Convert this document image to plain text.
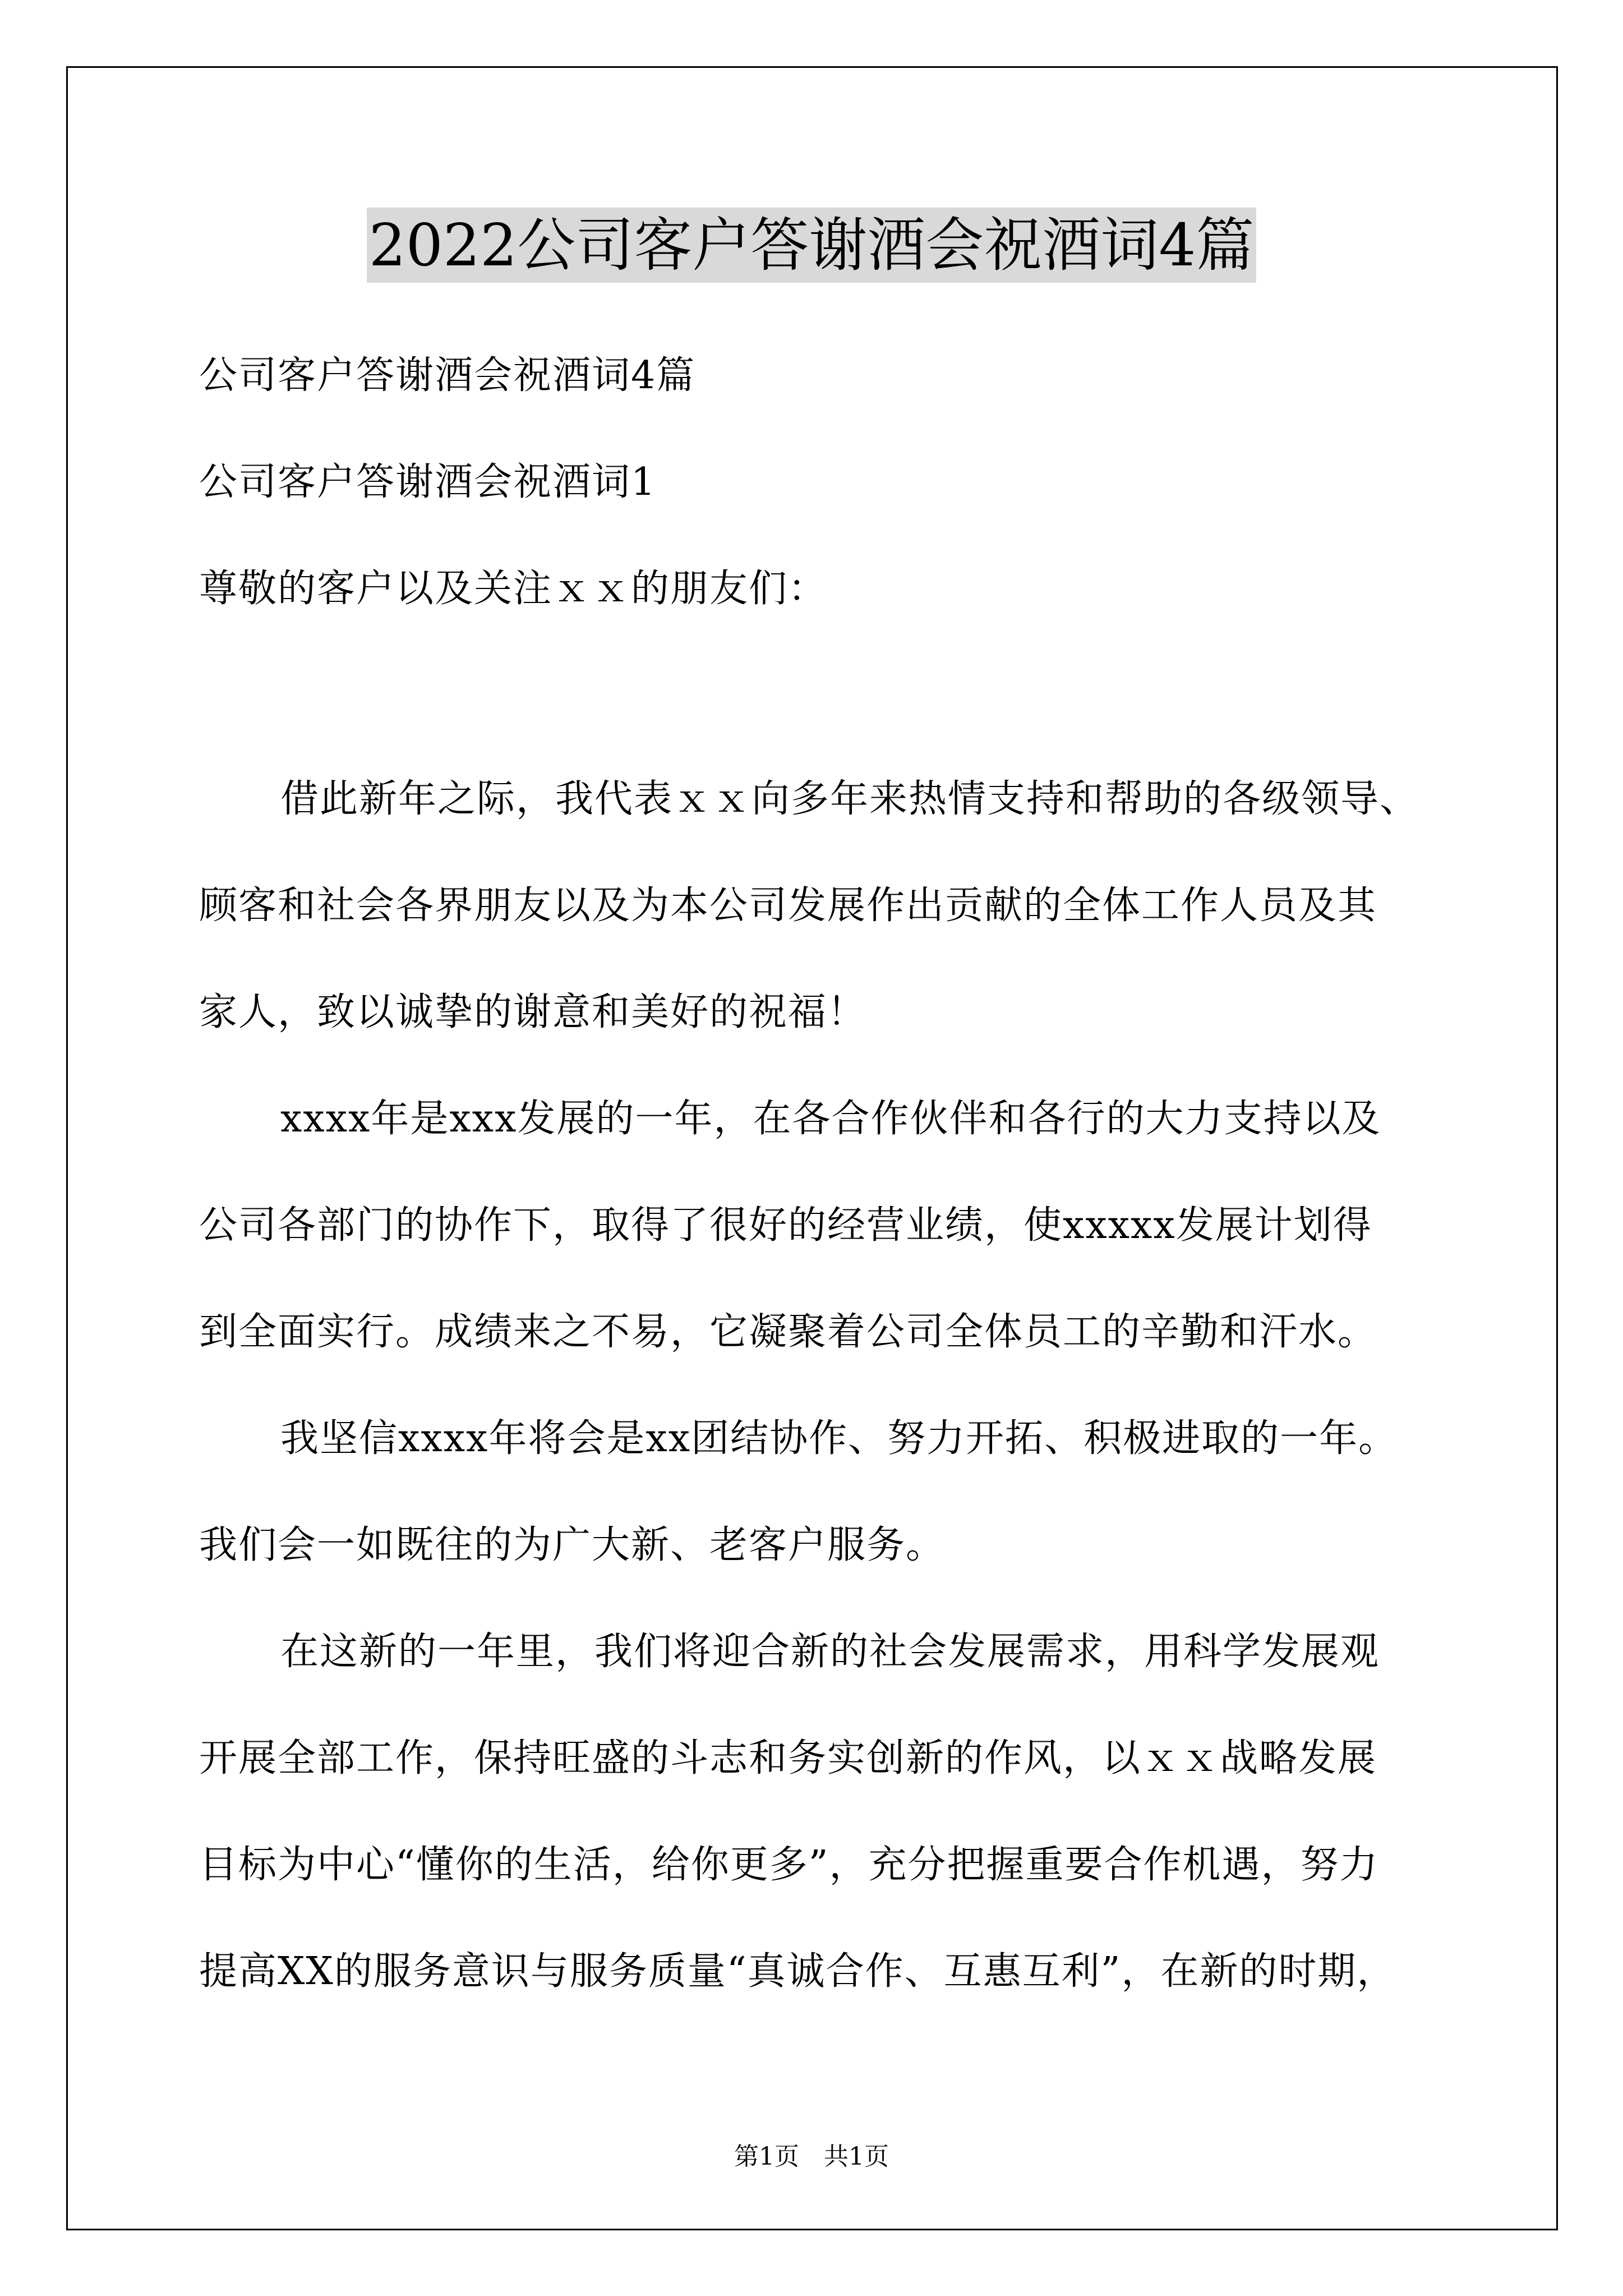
2022公司客户答谢酒会祝酒词4篇
公司客户答谢酒会祝酒词4篇
公司客户答谢酒会祝酒词1
尊敬的客户以及关注ｘｘ的朋友们：
借此新年之际，我代表ｘｘ向多年来热情支持和帮助的各级领导、
顾客和社会各界朋友以及为本公司发展作出贡献的全体工作人员及其
家人，致以诚挚的谢意和美好的祝福！
xxxx年是xxx发展的一年，在各合作伙伴和各行的大力支持以及
公司各部门的协作下，取得了很好的经营业绩，使xxxxx发展计划得
到全面实行。成绩来之不易，它凝聚着公司全体员工的辛勤和汗水。
我坚信xxxx年将会是xx团结协作、努力开拓、积极进取的一年。
我们会一如既往的为广大新、老客户服务。
在这新的一年里，我们将迎合新的社会发展需求，用科学发展观
开展全部工作，保持旺盛的斗志和务实创新的作风，以ｘｘ战略发展
目标为中心“懂你的生活，给你更多”，充分把握重要合作机遇，努力
提高XX的服务意识与服务质量“真诚合作、互惠互利”，在新的时期，
第1页　共1页
